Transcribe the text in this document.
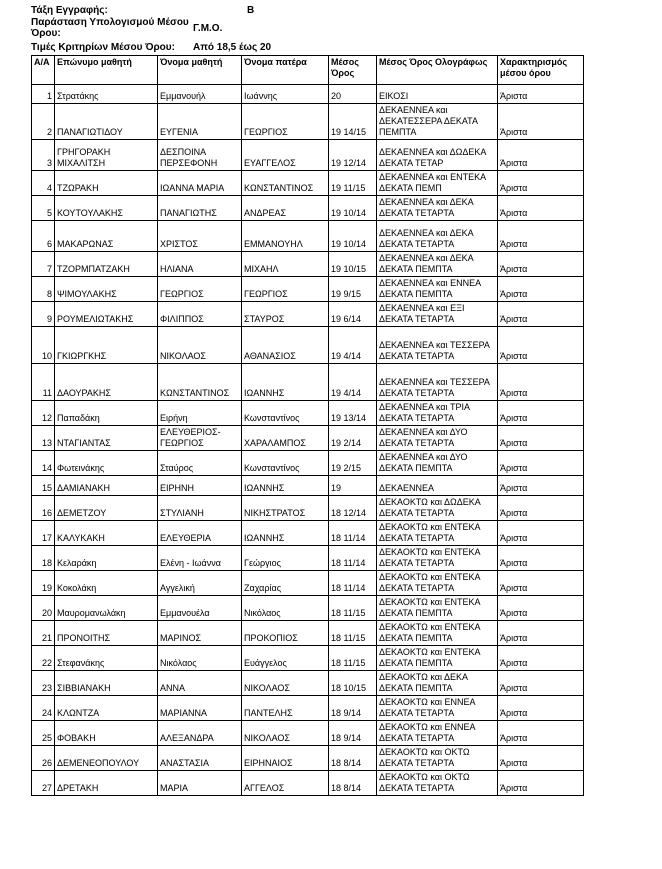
Τάξη Εγγραφής:	Β
Παράσταση Υπολογισμού Μέσου
Όρου:	Γ.Μ.Ο.
Τιμές Κριτηρίων Μέσου Όρου: Από 18,5 έως 20
Α/Α	Επώνυμο μαθητή	Όνομα μαθητή	Όνομα πατέρα	Μέσος Όρος	Μέσος Όρος Ολογράφως	Χαρακτηρισμός μέσου όρου
1	Στρατάκης	Εμμανουήλ	Ιωάννης	20	ΕΙΚΟΣΙ	Άριστα
2	ΠΑΝΑΓΙΩΤΙΔΟΥ	ΕΥΓΕΝΙΑ	ΓΕΩΡΓΙΟΣ	19 14/15	ΔΕΚΑΕΝΝΕΑ και ΔΕΚΑΤΕΣΣΕΡΑ ΔΕΚΑΤΑ ΠΕΜΠΤΑ	Άριστα
3	ΓΡΗΓΟΡΑΚΗ ΜΙΧΑΛΙΤΣΗ	ΔΕΣΠΟΙΝΑ ΠΕΡΣΕΦΟΝΗ	ΕΥΑΓΓΕΛΟΣ	19 12/14	ΔΕΚΑΕΝΝΕΑ και ΔΩΔΕΚΑ ΔΕΚΑΤΑ ΤΕΤΑΡ	Άριστα
4	ΤΖΩΡΑΚΗ	ΙΩΑΝΝΑ ΜΑΡΙΑ	ΚΩΝΣΤΑΝΤΙΝΟΣ	19 11/15	ΔΕΚΑΕΝΝΕΑ και ΕΝΤΕΚΑ ΔΕΚΑΤΑ ΠΕΜΠ	Άριστα
5	ΚΟΥΤΟΥΛΑΚΗΣ	ΠΑΝΑΓΙΩΤΗΣ	ΑΝΔΡΕΑΣ	19 10/14	ΔΕΚΑΕΝΝΕΑ και ΔΕΚΑ ΔΕΚΑΤΑ ΤΕΤΑΡΤΑ	Άριστα
6	ΜΑΚΑΡΩΝΑΣ	ΧΡΙΣΤΟΣ	ΕΜΜΑΝΟΥΗΛ	19 10/14	ΔΕΚΑΕΝΝΕΑ και ΔΕΚΑ ΔΕΚΑΤΑ ΤΕΤΑΡΤΑ	Άριστα
7	ΤΖΟΡΜΠΑΤΖΑΚΗ	ΗΛΙΑΝΑ	ΜΙΧΑΗΛ	19 10/15	ΔΕΚΑΕΝΝΕΑ και ΔΕΚΑ ΔΕΚΑΤΑ ΠΕΜΠΤΑ	Άριστα
8	ΨΙΜΟΥΛΑΚΗΣ	ΓΕΩΡΓΙΟΣ	ΓΕΩΡΓΙΟΣ	19 9/15	ΔΕΚΑΕΝΝΕΑ και ΕΝΝΕΑ ΔΕΚΑΤΑ ΠΕΜΠΤΑ	Άριστα
9	ΡΟΥΜΕΛΙΩΤΑΚΗΣ	ΦΙΛΙΠΠΟΣ	ΣΤΑΥΡΟΣ	19 6/14	ΔΕΚΑΕΝΝΕΑ και ΕΞΙ ΔΕΚΑΤΑ ΤΕΤΑΡΤΑ	Άριστα
10	ΓΚΙΩΡΓΚΗΣ	ΝΙΚΟΛΑΟΣ	ΑΘΑΝΑΣΙΟΣ	19 4/14	ΔΕΚΑΕΝΝΕΑ και ΤΕΣΣΕΡΑ ΔΕΚΑΤΑ ΤΕΤΑΡΤΑ	Άριστα
11	ΔΑΟΥΡΑΚΗΣ	ΚΩΝΣΤΑΝΤΙΝΟΣ	ΙΩΑΝΝΗΣ	19 4/14	ΔΕΚΑΕΝΝΕΑ και ΤΕΣΣΕΡΑ ΔΕΚΑΤΑ ΤΕΤΑΡΤΑ	Άριστα
12	Παπαδάκη	Ειρήνη	Κωνσταντίνος	19 13/14	ΔΕΚΑΕΝΝΕΑ και ΤΡΙΑ ΔΕΚΑΤΑ ΤΕΤΑΡΤΑ	Άριστα
13	ΝΤΑΓΙΑΝΤΑΣ	ΕΛΕΥΘΕΡΙΟΣ-ΓΕΩΡΓΙΟΣ	ΧΑΡΑΛΑΜΠΟΣ	19 2/14	ΔΕΚΑΕΝΝΕΑ και ΔΥΟ ΔΕΚΑΤΑ ΤΕΤΑΡΤΑ	Άριστα
14	Φωτεινάκης	Σταύρος	Κωνσταντίνος	19 2/15	ΔΕΚΑΕΝΝΕΑ και ΔΥΟ ΔΕΚΑΤΑ ΠΕΜΠΤΑ	Άριστα
15	ΔΑΜΙΑΝΑΚΗ	ΕΙΡΗΝΗ	ΙΩΑΝΝΗΣ	19	ΔΕΚΑΕΝΝΕΑ	Άριστα
16	ΔΕΜΕΤΖΟΥ	ΣΤΥΛΙΑΝΗ	ΝΙΚΗΣΤΡΑΤΟΣ	18 12/14	ΔΕΚΑΟΚΤΩ και ΔΩΔΕΚΑ ΔΕΚΑΤΑ ΤΕΤΑΡΤΑ	Άριστα
17	ΚΑΛΥΚΑΚΗ	ΕΛΕΥΘΕΡΙΑ	ΙΩΑΝΝΗΣ	18 11/14	ΔΕΚΑΟΚΤΩ και ΕΝΤΕΚΑ ΔΕΚΑΤΑ ΤΕΤΑΡΤΑ	Άριστα
18	Κελαράκη	Ελένη - Ιωάννα	Γεώργιος	18 11/14	ΔΕΚΑΟΚΤΩ και ΕΝΤΕΚΑ ΔΕΚΑΤΑ ΤΕΤΑΡΤΑ	Άριστα
19	Κοκολάκη	Αγγελική	Ζαχαρίας	18 11/14	ΔΕΚΑΟΚΤΩ και ΕΝΤΕΚΑ ΔΕΚΑΤΑ ΤΕΤΑΡΤΑ	Άριστα
20	Μαυρομανωλάκη	Εμμανουέλα	Νικόλαος	18 11/15	ΔΕΚΑΟΚΤΩ και ΕΝΤΕΚΑ ΔΕΚΑΤΑ ΠΕΜΠΤΑ	Άριστα
21	ΠΡΟΝΟΙΤΗΣ	ΜΑΡΙΝΟΣ	ΠΡΟΚΟΠΙΟΣ	18 11/15	ΔΕΚΑΟΚΤΩ και ΕΝΤΕΚΑ ΔΕΚΑΤΑ ΠΕΜΠΤΑ	Άριστα
22	Στεφανάκης	Νικόλαος	Ευάγγελος	18 11/15	ΔΕΚΑΟΚΤΩ και ΕΝΤΕΚΑ ΔΕΚΑΤΑ ΠΕΜΠΤΑ	Άριστα
23	ΣΙΒΒΙΑΝΑΚΗ	ΑΝΝΑ	ΝΙΚΟΛΑΟΣ	18 10/15	ΔΕΚΑΟΚΤΩ και ΔΕΚΑ ΔΕΚΑΤΑ ΠΕΜΠΤΑ	Άριστα
24	ΚΛΩΝΤΖΑ	ΜΑΡΙΑΝΝΑ	ΠΑΝΤΕΛΗΣ	18 9/14	ΔΕΚΑΟΚΤΩ και ΕΝΝΕΑ ΔΕΚΑΤΑ ΤΕΤΑΡΤΑ	Άριστα
25	ΦΟΒΑΚΗ	ΑΛΕΞΑΝΔΡΑ	ΝΙΚΟΛΑΟΣ	18 9/14	ΔΕΚΑΟΚΤΩ και ΕΝΝΕΑ ΔΕΚΑΤΑ ΤΕΤΑΡΤΑ	Άριστα
26	ΔΕΜΕΝΕΟΠΟΥΛΟΥ	ΑΝΑΣΤΑΣΙΑ	ΕΙΡΗΝΑΙΟΣ	18 8/14	ΔΕΚΑΟΚΤΩ και ΟΚΤΩ ΔΕΚΑΤΑ ΤΕΤΑΡΤΑ	Άριστα
27	ΔΡΕΤΑΚΗ	ΜΑΡΙΑ	ΑΓΓΕΛΟΣ	18 8/14	ΔΕΚΑΟΚΤΩ και ΟΚΤΩ ΔΕΚΑΤΑ ΤΕΤΑΡΤΑ	Άριστα
